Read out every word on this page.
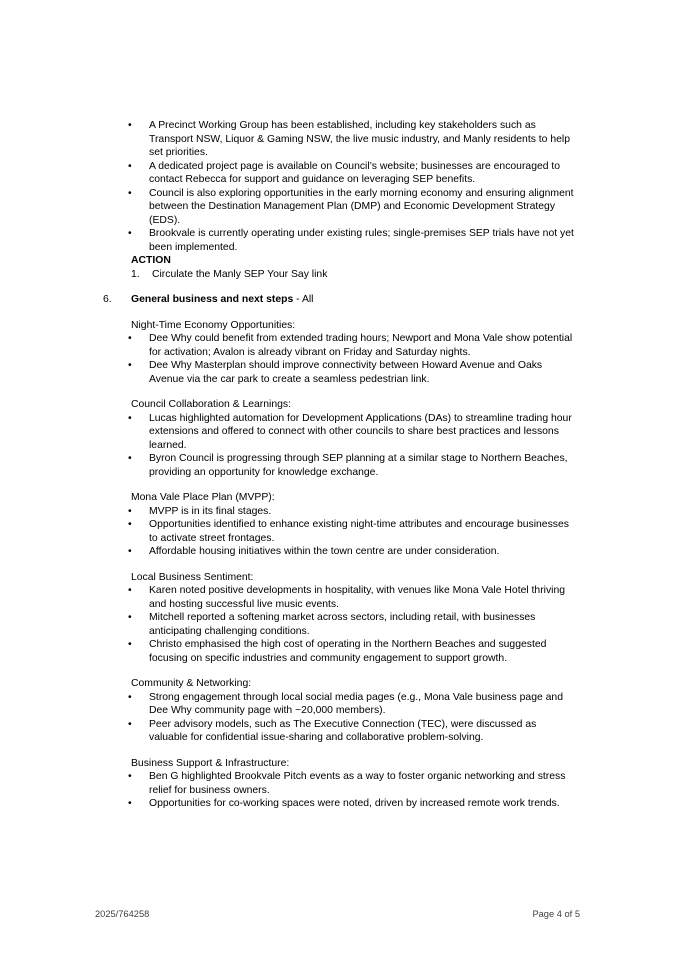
• A Precinct Working Group has been established, including key stakeholders such as Transport NSW, Liquor & Gaming NSW, the live music industry, and Manly residents to help set priorities.
• A dedicated project page is available on Council’s website; businesses are encouraged to contact Rebecca for support and guidance on leveraging SEP benefits.
• Council is also exploring opportunities in the early morning economy and ensuring alignment between the Destination Management Plan (DMP) and Economic Development Strategy (EDS).
• Brookvale is currently operating under existing rules; single-premises SEP trials have not yet been implemented.
ACTION
1. Circulate the Manly SEP Your Say link
6. General business and next steps - All
Night-Time Economy Opportunities:
• Dee Why could benefit from extended trading hours; Newport and Mona Vale show potential for activation; Avalon is already vibrant on Friday and Saturday nights.
• Dee Why Masterplan should improve connectivity between Howard Avenue and Oaks Avenue via the car park to create a seamless pedestrian link.
Council Collaboration & Learnings:
• Lucas highlighted automation for Development Applications (DAs) to streamline trading hour extensions and offered to connect with other councils to share best practices and lessons learned.
• Byron Council is progressing through SEP planning at a similar stage to Northern Beaches, providing an opportunity for knowledge exchange.
Mona Vale Place Plan (MVPP):
• MVPP is in its final stages.
• Opportunities identified to enhance existing night-time attributes and encourage businesses to activate street frontages.
• Affordable housing initiatives within the town centre are under consideration.
Local Business Sentiment:
• Karen noted positive developments in hospitality, with venues like Mona Vale Hotel thriving and hosting successful live music events.
• Mitchell reported a softening market across sectors, including retail, with businesses anticipating challenging conditions.
• Christo emphasised the high cost of operating in the Northern Beaches and suggested focusing on specific industries and community engagement to support growth.
Community & Networking:
• Strong engagement through local social media pages (e.g., Mona Vale business page and Dee Why community page with ~20,000 members).
• Peer advisory models, such as The Executive Connection (TEC), were discussed as valuable for confidential issue-sharing and collaborative problem-solving.
Business Support & Infrastructure:
• Ben G highlighted Brookvale Pitch events as a way to foster organic networking and stress relief for business owners.
• Opportunities for co-working spaces were noted, driven by increased remote work trends.
2025/764258	Page 4 of 5
